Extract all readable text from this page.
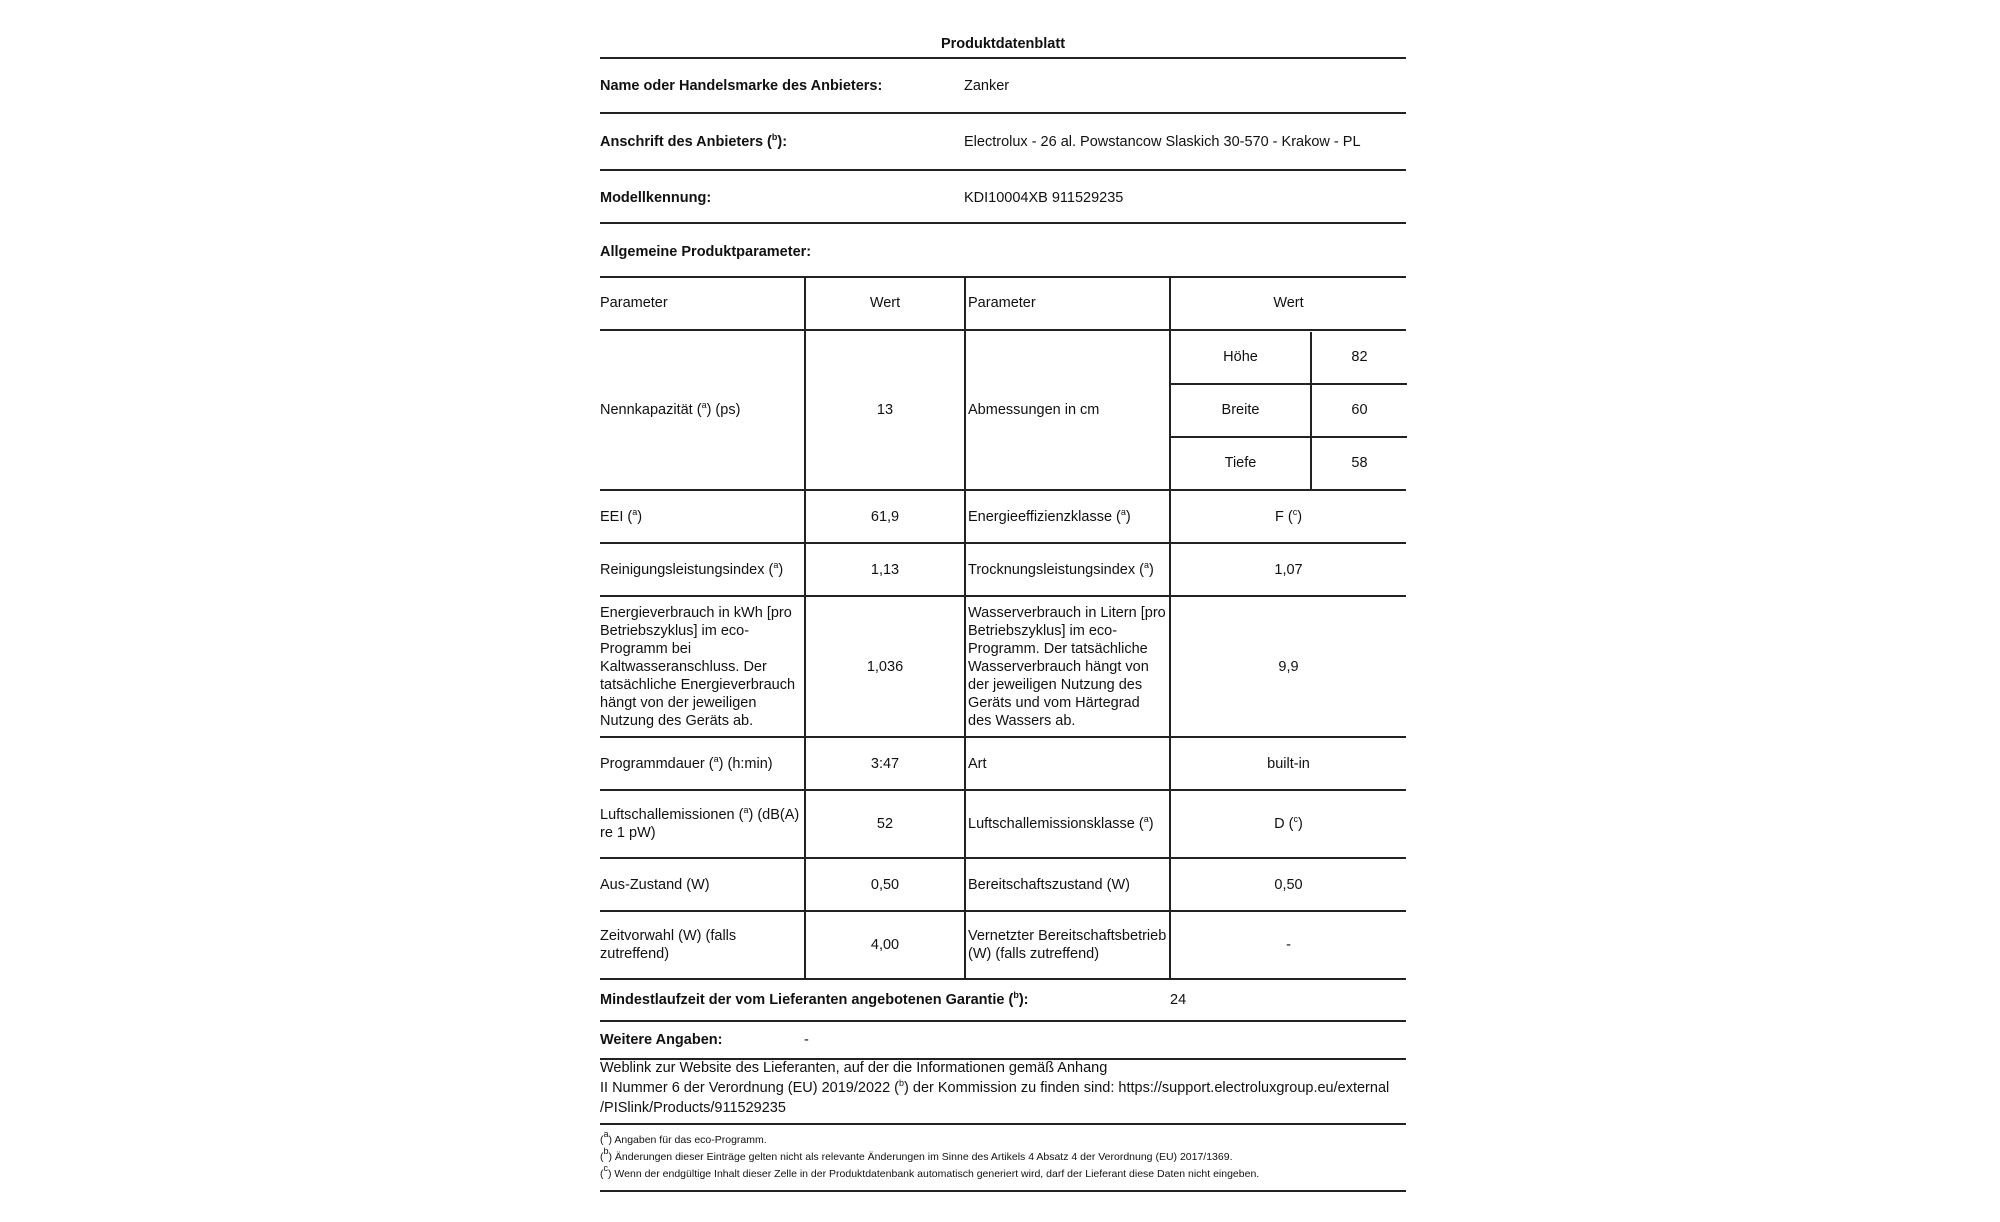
Produktdatenblatt
Name oder Handelsmarke des Anbieters:	Zanker
Anschrift des Anbieters ($^b$):	Electrolux - 26 al. Powstancow Slaskich 30-570 - Krakow - PL
Modellkennung:	KDI10004XB 911529235
Allgemeine Produktparameter:
Parameter	Wert	Parameter	Wert
Nennkapazität ($^a$) (ps)	13	Abmessungen in cm	
Höhe	82
Breite	60
Tiefe	58

EEI ($^a$)	61,9	Energieeffizienzklasse ($^a$)	F ($^c$)
Reinigungsleistungsindex ($^a$)	1,13	Trocknungsleistungsindex ($^a$)	1,07
Energieverbrauch in kWh [pro Betriebszyklus] im eco-Programm bei Kaltwasseranschluss. Der tatsächliche Energieverbrauch hängt von der jeweiligen Nutzung des Geräts ab.	1,036	Wasserverbrauch in Litern [pro Betriebszyklus] im eco-Programm. Der tatsächliche Wasserverbrauch hängt von der jeweiligen Nutzung des Geräts und vom Härtegrad des Wassers ab.	9,9
Programmdauer ($^a$) (h:min)	3:47	Art	built-in
Luftschallemissionen ($^a$) (dB(A) re 1 pW)	52	Luftschallemissionsklasse ($^a$)	D ($^c$)
Aus-Zustand (W)	0,50	Bereitschaftszustand (W)	0,50
Zeitvorwahl (W) (falls zutreffend)	4,00	Vernetzter Bereitschaftsbetrieb (W) (falls zutreffend)	-
Mindestlaufzeit der vom Lieferanten angebotenen Garantie ($^b$):	24
Weitere Angaben:	-
Weblink zur Website des Lieferanten, auf der die Informationen gemäß Anhang
II Nummer 6 der Verordnung (EU) 2019/2022 ($^b$) der Kommission zu finden sind: https://support.electroluxgroup.eu/external
/PISlink/Products/911529235
($^a$) Angaben für das eco-Programm.
($^b$) Änderungen dieser Einträge gelten nicht als relevante Änderungen im Sinne des Artikels 4 Absatz 4 der Verordnung (EU) 2017/1369.
($^c$) Wenn der endgültige Inhalt dieser Zelle in der Produktdatenbank automatisch generiert wird, darf der Lieferant diese Daten nicht eingeben.
